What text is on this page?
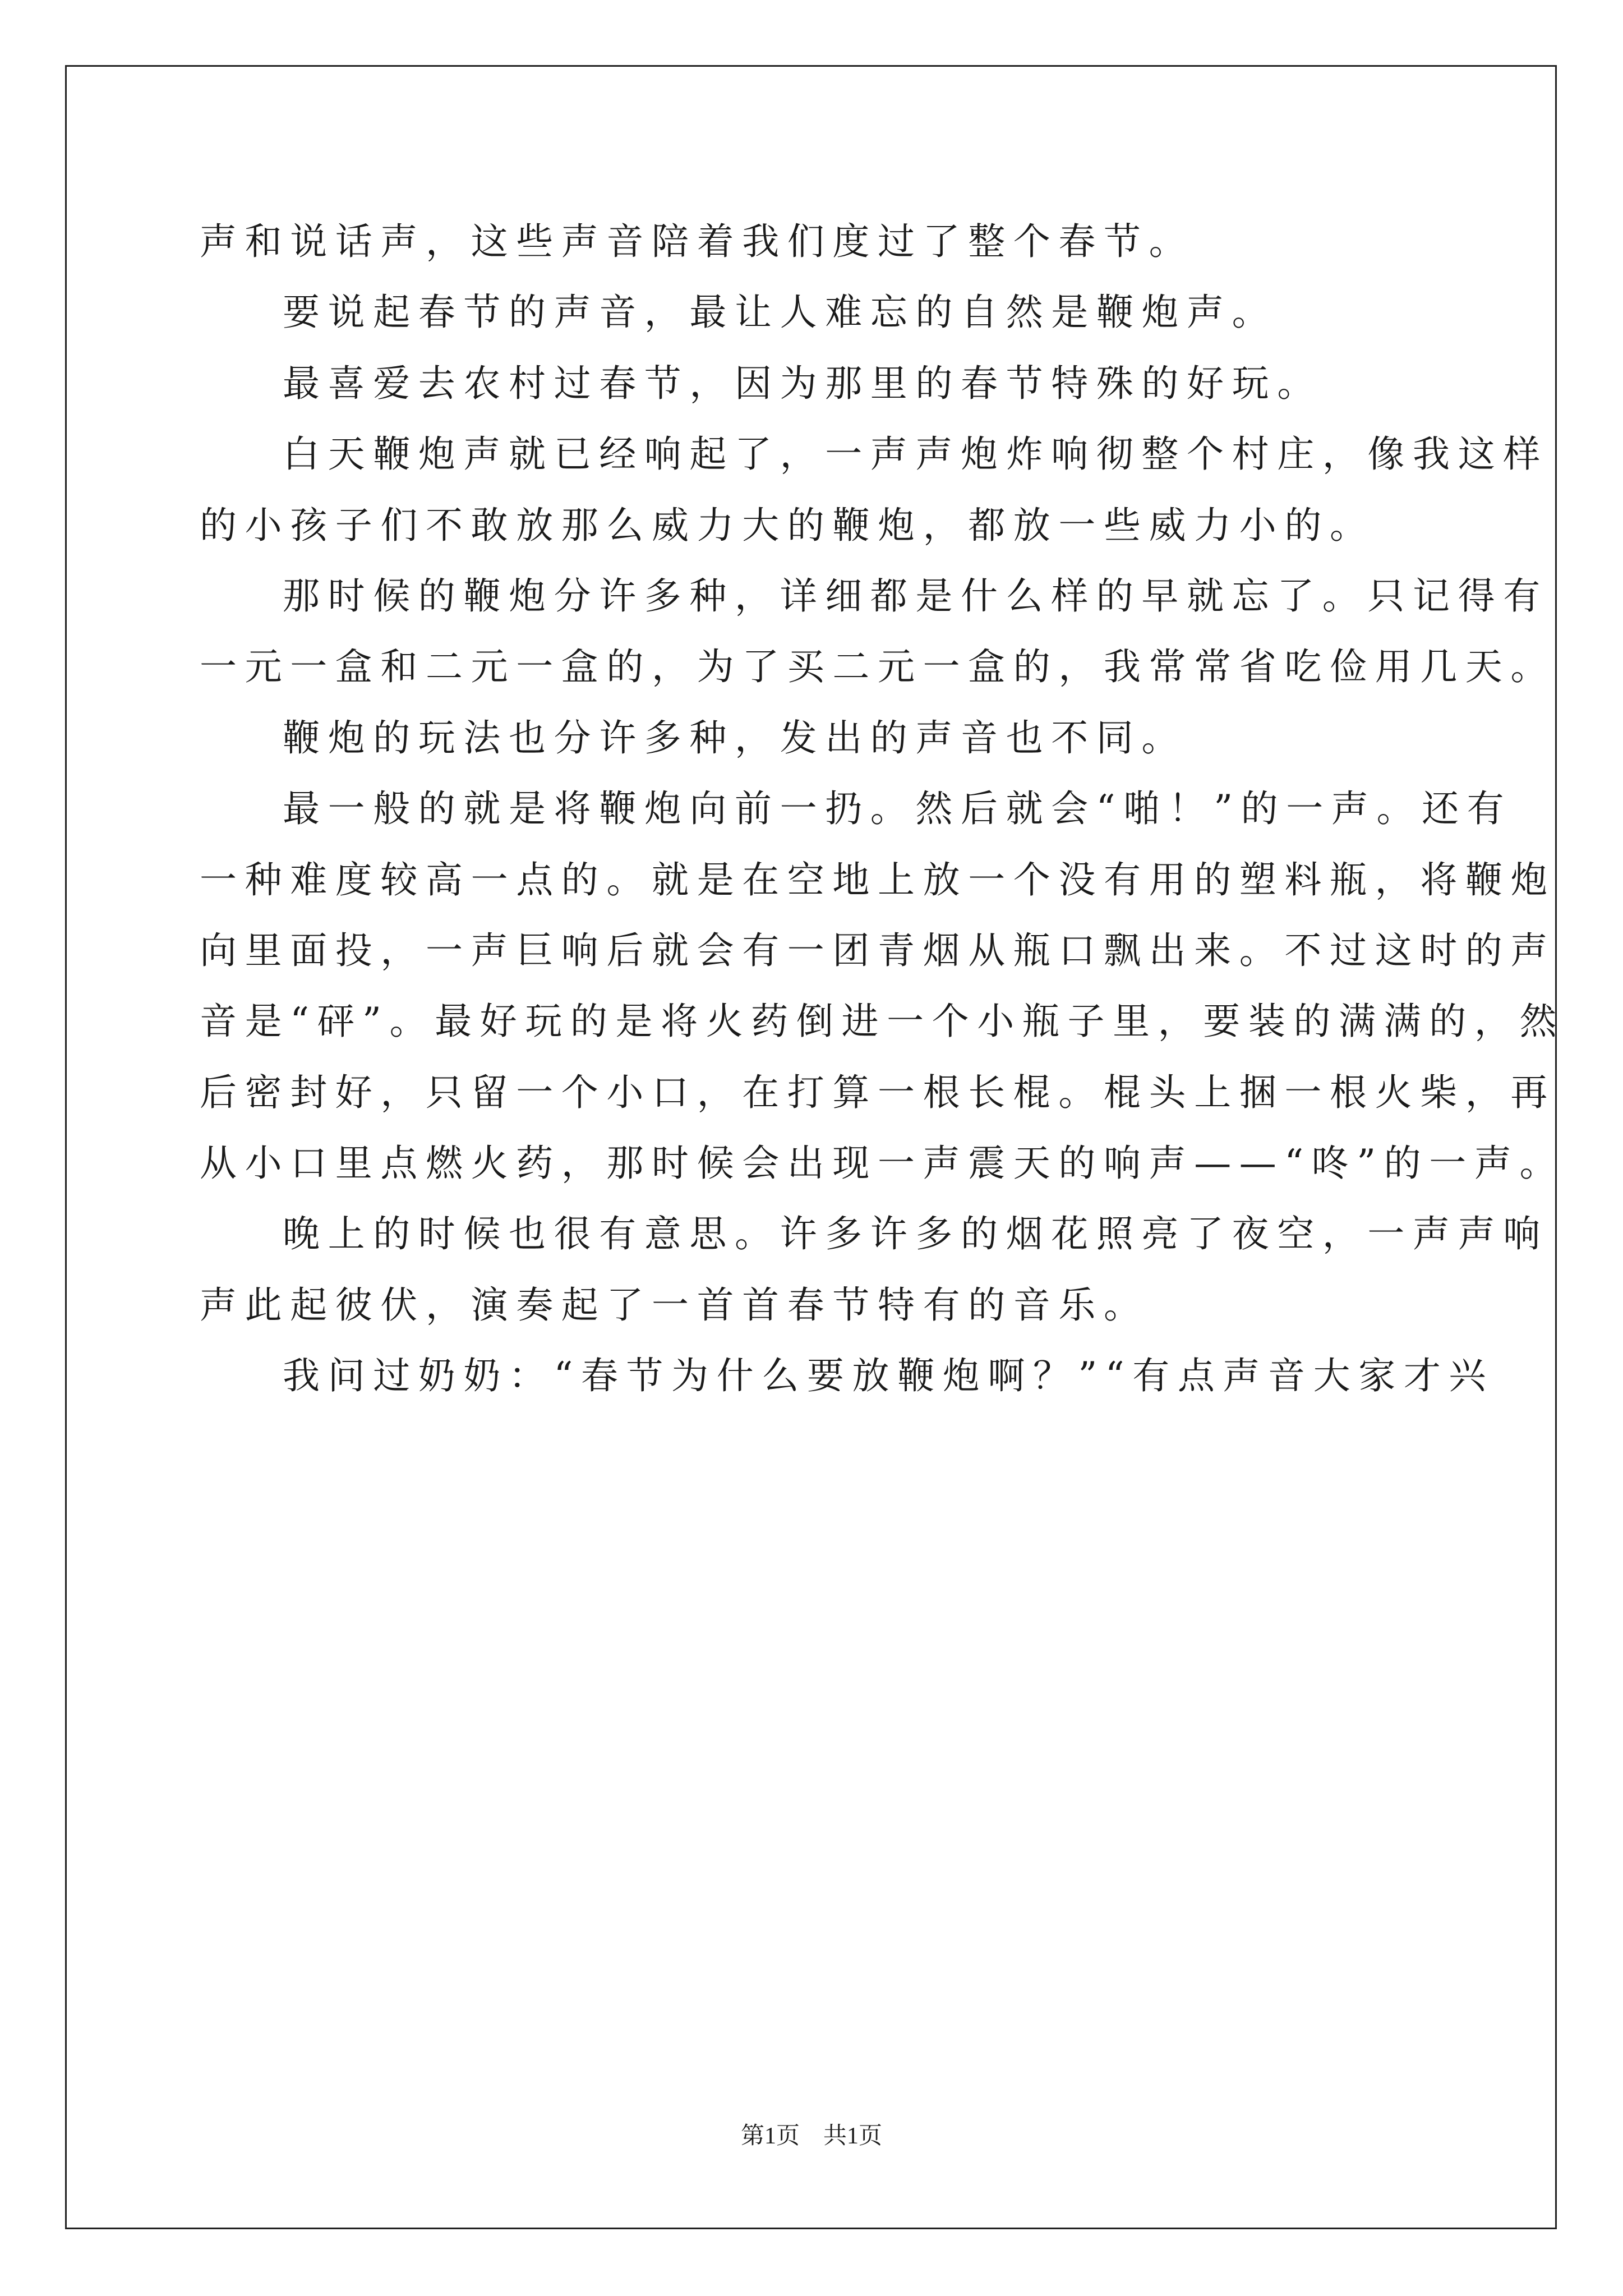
声和说话声，这些声音陪着我们度过了整个春节。
要说起春节的声音，最让人难忘的自然是鞭炮声。
最喜爱去农村过春节，因为那里的春节特殊的好玩。
白天鞭炮声就已经响起了，一声声炮炸响彻整个村庄，像我这样
的小孩子们不敢放那么威力大的鞭炮，都放一些威力小的。
那时候的鞭炮分许多种，详细都是什么样的早就忘了。只记得有
一元一盒和二元一盒的，为了买二元一盒的，我常常省吃俭用几天。
鞭炮的玩法也分许多种，发出的声音也不同。
最一般的就是将鞭炮向前一扔。然后就会“啪！”的一声。还有
一种难度较高一点的。就是在空地上放一个没有用的塑料瓶，将鞭炮
向里面投，一声巨响后就会有一团青烟从瓶口飘出来。不过这时的声
音是“砰”。最好玩的是将火药倒进一个小瓶子里，要装的满满的，然
后密封好，只留一个小口，在打算一根长棍。棍头上捆一根火柴，再
从小口里点燃火药，那时候会出现一声震天的响声——“咚”的一声。
晚上的时候也很有意思。许多许多的烟花照亮了夜空，一声声响
声此起彼伏，演奏起了一首首春节特有的音乐。
我问过奶奶：“春节为什么要放鞭炮啊？”“有点声音大家才兴
第1页　共1页
